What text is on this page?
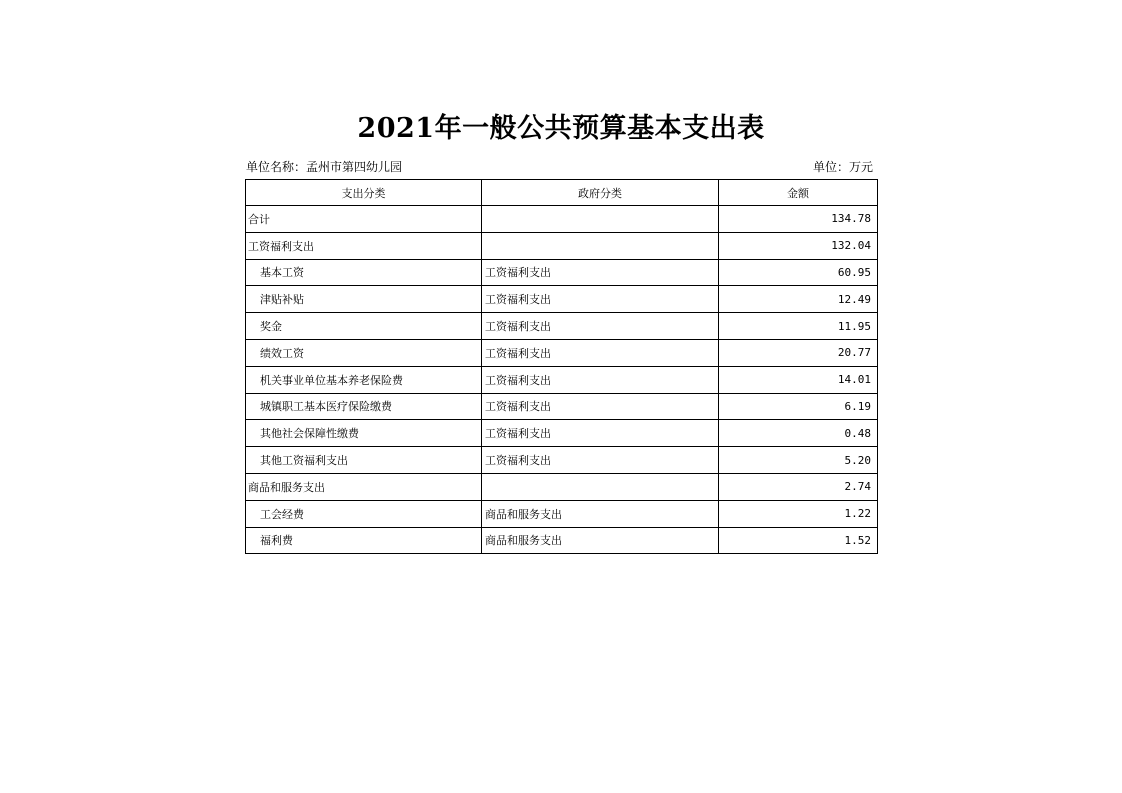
2021年一般公共预算基本支出表
单位名称：孟州市第四幼儿园	单位：万元
支出分类	政府分类	金额
合计		134.78
工资福利支出		132.04
基本工资	工资福利支出	60.95
津贴补贴	工资福利支出	12.49
奖金	工资福利支出	11.95
绩效工资	工资福利支出	20.77
机关事业单位基本养老保险费	工资福利支出	14.01
城镇职工基本医疗保险缴费	工资福利支出	6.19
其他社会保障性缴费	工资福利支出	0.48
其他工资福利支出	工资福利支出	5.20
商品和服务支出		2.74
工会经费	商品和服务支出	1.22
福利费	商品和服务支出	1.52
